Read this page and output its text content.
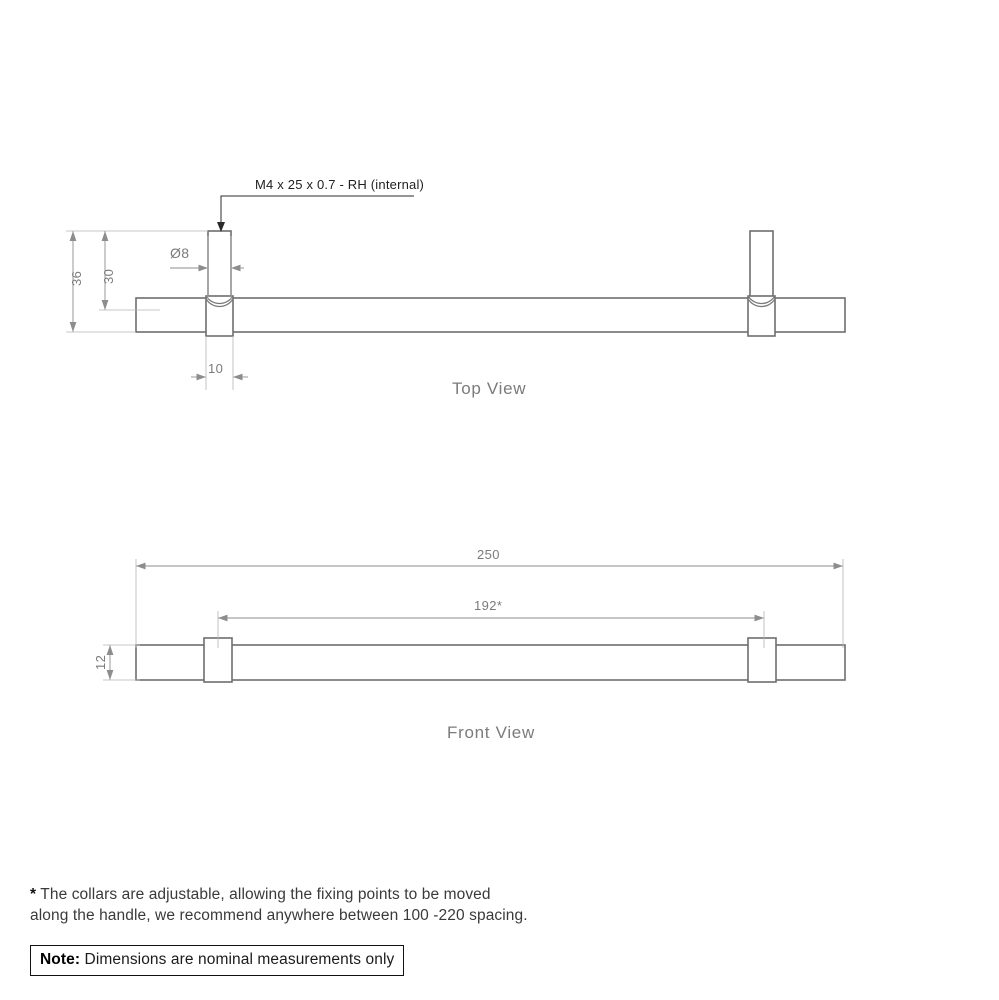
M4 x 25 x 0.7 - RH (internal)
36 30
Ø8
10
Top View
250
192*
12
Front View
* The collars are adjustable, allowing the fixing points to be moved
along the handle, we recommend anywhere between 100 -220 spacing.
Note: Dimensions are nominal measurements only
